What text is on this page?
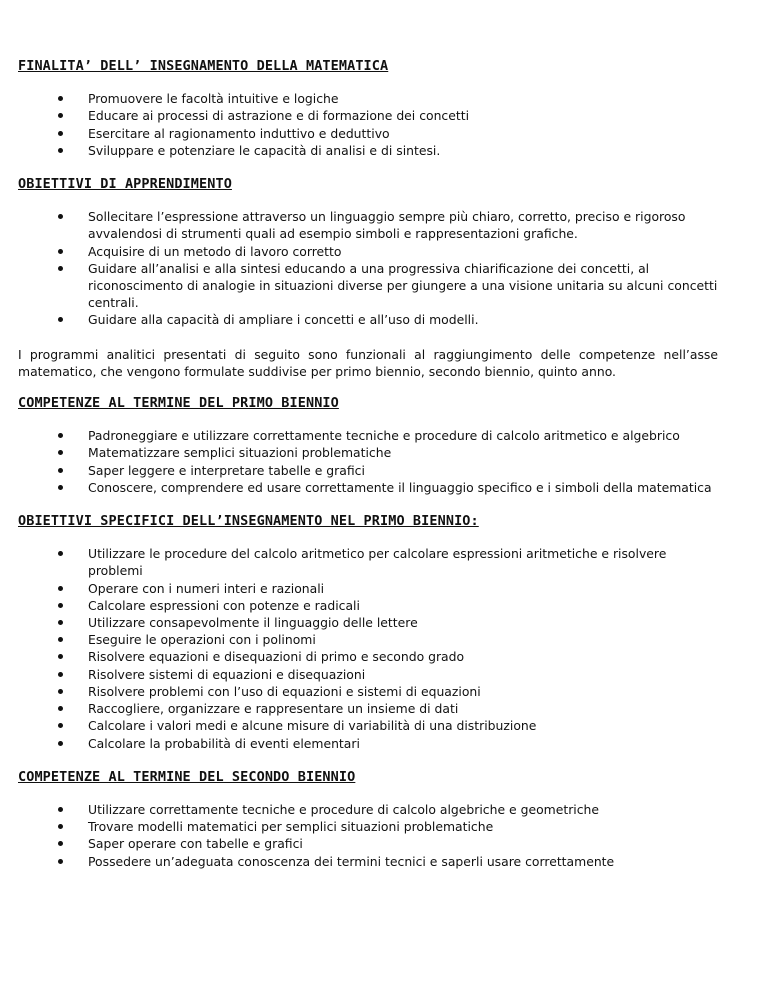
FINALITA’ DELL’ INSEGNAMENTO DELLA MATEMATICA
Promuovere le facoltà intuitive e logiche
Educare ai processi di astrazione e di formazione dei concetti
Esercitare al ragionamento induttivo e deduttivo
Sviluppare e potenziare le capacità di analisi e di sintesi.
OBIETTIVI DI APPRENDIMENTO
Sollecitare l’espressione attraverso un linguaggio sempre più chiaro, corretto, preciso e rigoroso avvalendosi di strumenti quali ad esempio simboli e rappresentazioni grafiche.
Acquisire di un metodo di lavoro corretto
Guidare all’analisi e alla sintesi educando a una progressiva chiarificazione dei concetti, al riconoscimento di analogie in situazioni diverse per giungere a una visione unitaria su alcuni concetti centrali.
Guidare alla capacità di ampliare i concetti e all’uso di modelli.

I programmi analitici presentati di seguito sono funzionali al raggiungimento delle competenze nell’asse matematico, che vengono formulate suddivise per primo biennio, secondo biennio, quinto anno.

COMPETENZE AL TERMINE DEL PRIMO BIENNIO
Padroneggiare e utilizzare correttamente tecniche e procedure di calcolo aritmetico e algebrico
Matematizzare semplici situazioni problematiche
Saper leggere e interpretare tabelle e grafici
Conoscere, comprendere ed usare correttamente il linguaggio specifico e i simboli della matematica
OBIETTIVI SPECIFICI DELL’INSEGNAMENTO NEL PRIMO BIENNIO:
Utilizzare le procedure del calcolo aritmetico per calcolare espressioni aritmetiche e risolvere problemi
Operare con i numeri interi e razionali
Calcolare espressioni con potenze e radicali
Utilizzare consapevolmente il linguaggio delle lettere
Eseguire le operazioni con i polinomi
Risolvere equazioni e disequazioni di primo e secondo grado
Risolvere sistemi di equazioni e disequazioni
Risolvere problemi con l’uso di equazioni e sistemi di equazioni
Raccogliere, organizzare e rappresentare un insieme di dati
Calcolare i valori medi e alcune misure di variabilità di una distribuzione
Calcolare la probabilità di eventi elementari
COMPETENZE AL TERMINE DEL SECONDO BIENNIO
Utilizzare correttamente tecniche e procedure di calcolo algebriche e geometriche
Trovare modelli matematici per semplici situazioni problematiche
Saper operare con tabelle e grafici
Possedere un’adeguata conoscenza dei termini tecnici e saperli usare correttamente
